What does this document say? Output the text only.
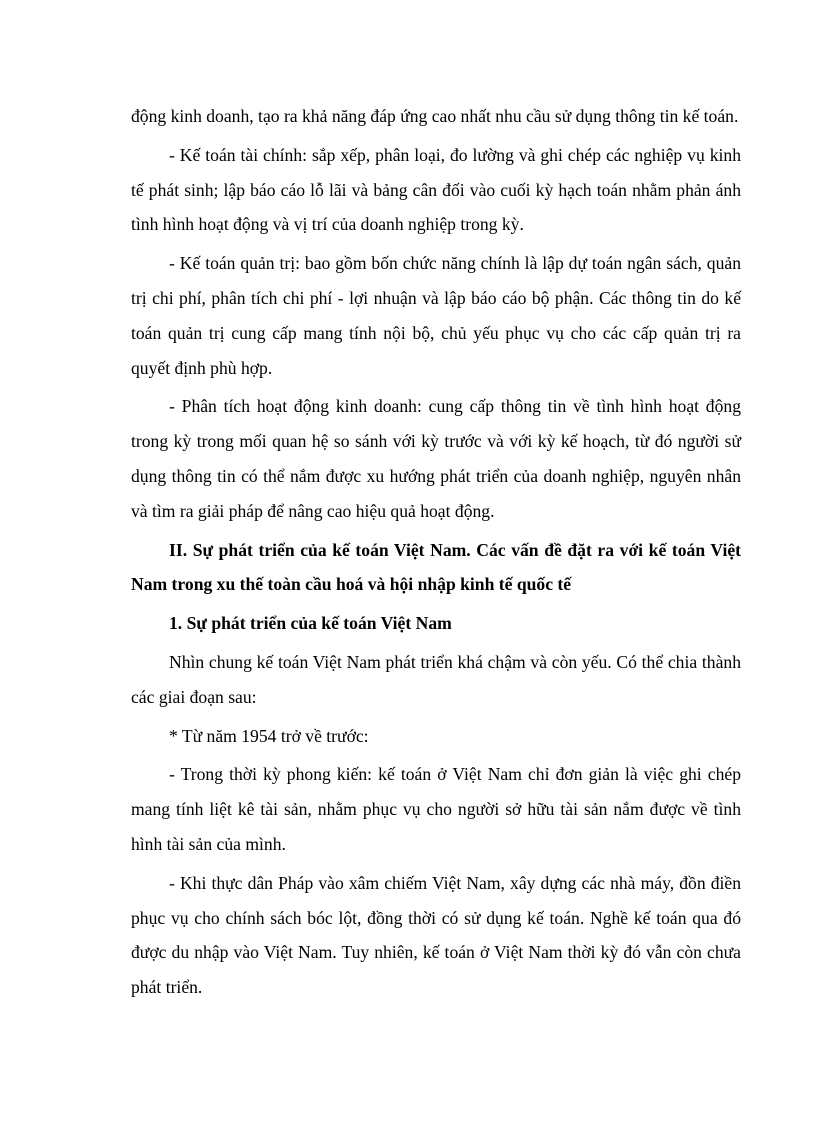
động kinh doanh, tạo ra khả năng đáp ứng cao nhất nhu cầu sử dụng thông tin kế toán.

- Kế toán tài chính: sắp xếp, phân loại, đo lường và ghi chép các nghiệp vụ kinh tế phát sinh; lập báo cáo lỗ lãi và bảng cân đối vào cuối kỳ hạch toán nhằm phản ánh tình hình hoạt động và vị trí của doanh nghiệp trong kỳ.

- Kế toán quản trị: bao gồm bốn chức năng chính là lập dự toán ngân sách, quản trị chi phí, phân tích chi phí - lợi nhuận và lập báo cáo bộ phận. Các thông tin do kế toán quản trị cung cấp mang tính nội bộ, chủ yếu phục vụ cho các cấp quản trị ra quyết định phù hợp.

- Phân tích hoạt động kinh doanh: cung cấp thông tin về tình hình hoạt động trong kỳ trong mối quan hệ so sánh với kỳ trước và với kỳ kế hoạch, từ đó người sử dụng thông tin có thể nắm được xu hướng phát triển của doanh nghiệp, nguyên nhân và tìm ra giải pháp để nâng cao hiệu quả hoạt động.

II. Sự phát triển của kế toán Việt Nam. Các vấn đề đặt ra với kế toán Việt Nam trong xu thế toàn cầu hoá và hội nhập kinh tế quốc tế

1. Sự phát triển của kế toán Việt Nam

Nhìn chung kế toán Việt Nam phát triển khá chậm và còn yếu. Có thể chia thành các giai đoạn sau:

* Từ năm 1954 trở về trước:

- Trong thời kỳ phong kiến: kế toán ở Việt Nam chỉ đơn giản là việc ghi chép mang tính liệt kê tài sản, nhằm phục vụ cho người sở hữu tài sản nắm được về tình hình tài sản của mình.

- Khi thực dân Pháp vào xâm chiếm Việt Nam, xây dựng các nhà máy, đồn điền phục vụ cho chính sách bóc lột, đồng thời có sử dụng kế toán. Nghề kế toán qua đó được du nhập vào Việt Nam. Tuy nhiên, kế toán ở Việt Nam thời kỳ đó vẫn còn chưa phát triển.
